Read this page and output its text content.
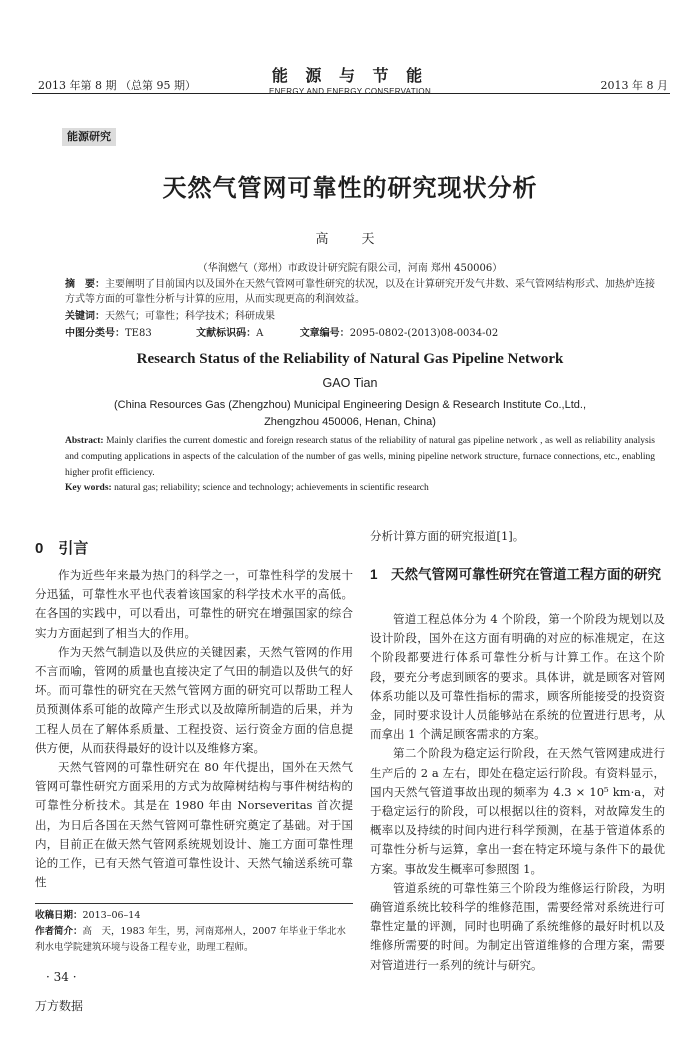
2013 年第 8 期 （总第 95 期）
能 源 与 节 能
ENERGY AND ENERGY CONSERVATION	2013 年 8 月
能源研究
天然气管网可靠性的研究现状分析
高　天
（华润燃气（郑州）市政设计研究院有限公司，河南 郑州 450006）
摘　要：主要阐明了目前国内以及国外在天然气管网可靠性研究的状况，以及在计算研究开发气井数、采气管网结构形式、加热炉连接方式等方面的可靠性分析与计算的应用，从而实现更高的利润效益。
关键词：天然气；可靠性；科学技术；科研成果
中图分类号：TE83	文献标识码：A	文章编号：2095-0802-(2013)08-0034-02
Research Status of the Reliability of Natural Gas Pipeline Network
GAO Tian
(China Resources Gas (Zhengzhou) Municipal Engineering Design & Research Institute Co.,Ltd.,
Zhengzhou 450006, Henan, China)
Abstract: Mainly clarifies the current domestic and foreign research status of the reliability of natural gas pipeline network , as well as reliability analysis and computing applications in aspects of the calculation of the number of gas wells, mining pipeline network structure, furnace connections, etc., enabling higher profit efficiency.
Key words: natural gas; reliability; science and technology; achievements in scientific research
0　引言

作为近些年来最为热门的科学之一，可靠性科学的发展十分迅猛，可靠性水平也代表着该国家的科学技术水平的高低。在各国的实践中，可以看出，可靠性的研究在增强国家的综合实力方面起到了相当大的作用。

作为天然气制造以及供应的关键因素，天然气管网的作用不言而喻，管网的质量也直接决定了气田的制造以及供气的好坏。而可靠性的研究在天然气管网方面的研究可以帮助工程人员预测体系可能的故障产生形式以及故障所制造的后果，并为工程人员在了解体系质量、工程投资、运行资金方面的信息提供方便，从而获得最好的设计以及维修方案。

天然气管网的可靠性研究在 80 年代提出，国外在天然气管网可靠性研究方面采用的方式为故障树结构与事件树结构的可靠性分析技术。其是在 1980 年由 Norseveritas 首次提出，为日后各国在天然气管网可靠性研究奠定了基础。对于国内，目前正在做天然气管网系统规划设计、施工方面可靠性理论的工作，已有天然气管道可靠性设计、天然气输送系统可靠性

收稿日期：2013–06–14
作者简介：高　天，1983 年生，男，河南郑州人，2007 年毕业于华北水利水电学院建筑环境与设备工程专业，助理工程师。

分析计算方面的研究报道[1]。

1　天然气管网可靠性研究在管道工程方面的研究

管道工程总体分为 4 个阶段，第一个阶段为规划以及设计阶段，国外在这方面有明确的对应的标准规定，在这个阶段都要进行体系可靠性分析与计算工作。在这个阶段，要充分考虑到顾客的要求。具体讲，就是顾客对管网体系功能以及可靠性指标的需求，顾客所能接受的投资资金，同时要求设计人员能够站在系统的位置进行思考，从而拿出 1 个满足顾客需求的方案。

第二个阶段为稳定运行阶段，在天然气管网建成进行生产后的 2 a 左右，即处在稳定运行阶段。有资料显示，国内天然气管道事故出现的频率为 4.3 × 10⁵ km·a，对于稳定运行的阶段，可以根据以往的资料，对故障发生的概率以及持续的时间内进行科学预测，在基于管道体系的可靠性分析与运算，拿出一套在特定环境与条件下的最优方案。事故发生概率可参照图 1。

管道系统的可靠性第三个阶段为维修运行阶段，为明确管道系统比较科学的维修范围，需要经常对系统进行可靠性定量的评测，同时也明确了系统维修的最好时机以及维修所需要的时间。为制定出管道维修的合理方案，需要对管道进行一系列的统计与研究。

· 34 ·
万方数据
